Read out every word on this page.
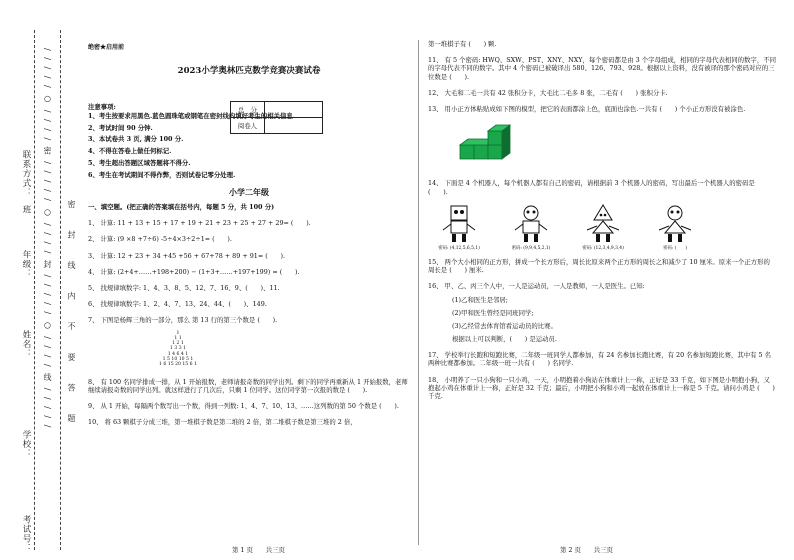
联系方式：
班
年级：
姓名：
学校：
考试号：
/ / / / / ○ / / / / 密 / / / / / ○ / / / / 封 / / / / / ○ / / / / 线 / / / / / 密 封 线 内 不 要 答 题
绝密★启用前
2023小学奥林匹克数学竞赛决赛试卷
注意事项:
1、考生按要求用黑色.蓝色圆珠笔或钢笔在密封线内填好考生的相关信息.
2、考试时间 90 分钟.
3、本试卷共 3 页, 满分 100 分.
4、不得在答卷上做任何标记.
5、考生超出答题区域答题将不得分.
6、考生在考试期间不得作弊，否则试卷记零分处理.
小学二年级
一、填空题。(把正确的答案填在括号内，每题 5 分，共 100 分)
1、 计算: 11 + 13 + 15 + 17 + 19 + 21 + 23 + 25 + 27 + 29= (　　).
2、 计算: (9 ×8 +7÷6) -5÷4×3÷2÷1= (　　).
3、 计算: 12 + 23 + 34 +45 +56 + 67+78 + 89 + 91= (　　).
4、 计算: (2+4+……+198+200) − (1+3+……+197+199) = (　　).
5、 找规律填数字: 1、4、3、8、5、12、7、16、9、(　　)、11.
6、 找规律填数字: 1、2、4、7、13、24、44、(　　)、149.
7、 下图是杨辉三角的一部分，那么 第 13 行的第三个数是 (　　).
1
1 1
1 2 1
1 3 3 1
1 4 6 4 1
1 5 10 10 5 1
1 6 15 20 15 6 1
8、 有 100 名同学排成一排，从 1 开始报数，老师请报奇数的同学出列。剩下的同学再重新从 1 开始报数，老师继续请报奇数的同学出列。就这样进行了几次后，只剩 1 位同学。这位同学第一次报的数是 (　　).
9、 从 1 开始，每隔两个数写出一个数，得到一列数: 1、4、7、10、13、……这列数的第 50 个数是 (　　).
10、 将 63 颗棋子分成三堆，第一堆棋子数是第二堆的 2 倍，第二堆棋子数是第三堆的 2 倍，
总　分	
阅卷人	
第 1 页　　共三页
第一堆棋子有 (　　) 颗.
11、 有 5 个密码: HWQ、SXW、PST、XNY、NXY，每个密码都是由 3 个字母组成，相同的字母代表相同的数字，不同的字母代表不同的数字。其中 4 个密码已被破译出 580、126、793、928。根据以上资料，没有被译的那个密码对应的三位数是 (　　).
12、 大毛和二毛一共有 42 张积分卡，大毛比二毛多 8 张，二毛有 (　　) 张积分卡.
13、 用小正方体粘贴成如下图的模型，把它的表面都涂上色，底面也涂色.一共有 (　　) 个小正方形没有被涂色.
14、 下面是 4 个机器人，每个机器人都有自己的密码，请根据前 3 个机器人的密码，写出最后一个机器人的密码是 (　　).
密码: (4,12,5,6,5,1)	密码: (9,9,4,5,2,1)	密码: (12,3,4,9,3,4)	密码: (　　)
15、 两个大小相同的正方形，拼成一个长方形后，周长比原来两个正方形的周长之和减少了 10 厘米。原来一个正方形的周长是 (　　) 厘米.
16、 甲、乙、丙三个人中，一人是运动员，一人是教师，一人是医生。已知:
(1)乙和医生是邻居;
(2)甲和医生曾经是同班同学;
(3)乙经常去体育馆看运动员的比赛。
根据以上可以判断，(　　) 是运动员.
17、 学校举行长跑和短跑比赛，二年级一班同学人都参加，有 24 名参加长跑比赛，有 20 名参加短跑比赛，其中有 5 名两种比赛都参加。二年级一班一共有 (　　) 名同学.
18、 小明养了一只小狗和一只小鸡，一天，小明抱着小狗站在体重计上一称，正好是 33 千克，如下图是小明抱小狗，又抱起小鸡在体重计上一称，正好是 32 千克；最后，小明把小狗和小鸡一起放在体重计上一称是 5 千克。请问小鸡是 (　　) 千克.
第 2 页　　共三页
